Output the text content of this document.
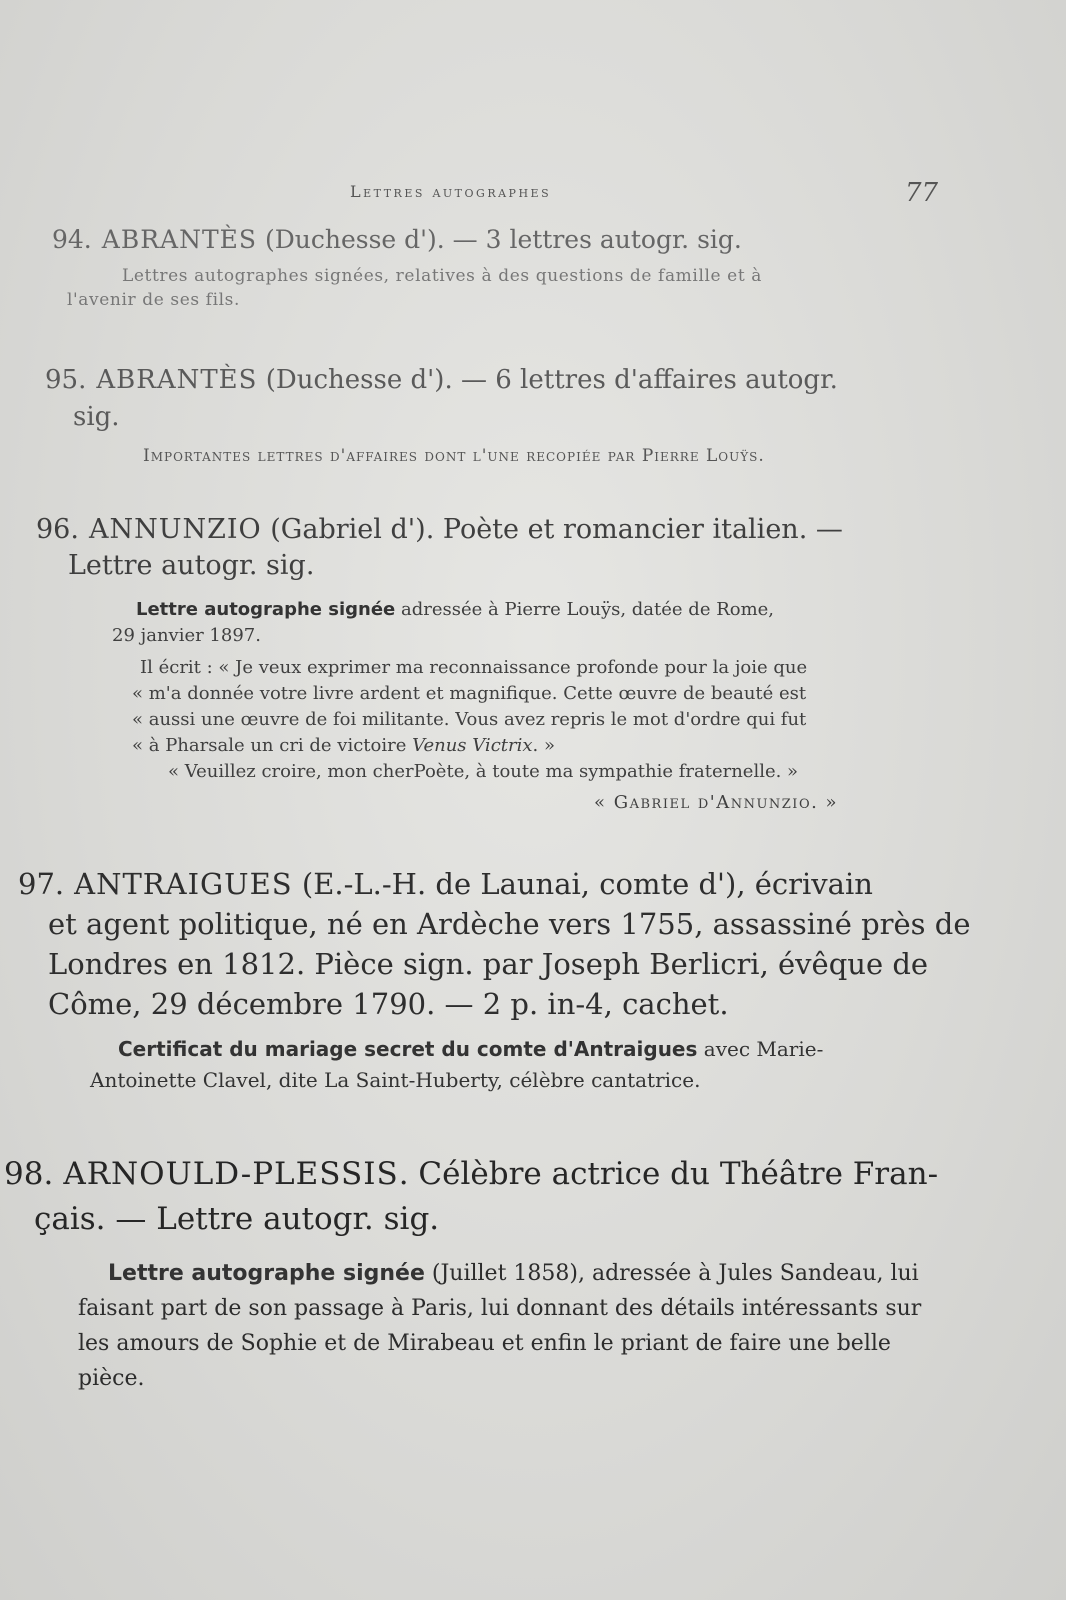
Lettres autographes	77

94. ABRANTÈS (Duchesse d'). — 3 lettres autogr. sig.

Lettres autographes signées, relatives à des questions de famille et à
l'avenir de ses fils.

95. ABRANTÈS (Duchesse d'). — 6 lettres d'affaires autogr.
sig.

Importantes lettres d'affaires dont l'une recopiée par Pierre Louÿs.

96. ANNUNZIO (Gabriel d'). Poète et romancier italien. —
Lettre autogr. sig.

Lettre autographe signée adressée à Pierre Louÿs, datée de Rome,
29 janvier 1897.

Il écrit : « Je veux exprimer ma reconnaissance profonde pour la joie que

« m'a donnée votre livre ardent et magnifique. Cette œuvre de beauté est

« aussi une œuvre de foi militante. Vous avez repris le mot d'ordre qui fut

« à Pharsale un cri de victoire Venus Victrix. »

« Veuillez croire, mon cherPoète, à toute ma sympathie fraternelle. »

« Gabriel d'Annunzio. »

97. ANTRAIGUES (E.-L.-H. de Launai, comte d'), écrivain
et agent politique, né en Ardèche vers 1755, assassiné près de
Londres en 1812. Pièce sign. par Joseph Berlicri, évêque de
Côme, 29 décembre 1790. — 2 p. in-4, cachet.

Certificat du mariage secret du comte d'Antraigues avec Marie-
Antoinette Clavel, dite La Saint-Huberty, célèbre cantatrice.

98. ARNOULD-PLESSIS. Célèbre actrice du Théâtre Fran-
çais. — Lettre autogr. sig.

Lettre autographe signée (Juillet 1858), adressée à Jules Sandeau, lui
faisant part de son passage à Paris, lui donnant des détails intéressants sur
les amours de Sophie et de Mirabeau et enfin le priant de faire une belle
pièce.
